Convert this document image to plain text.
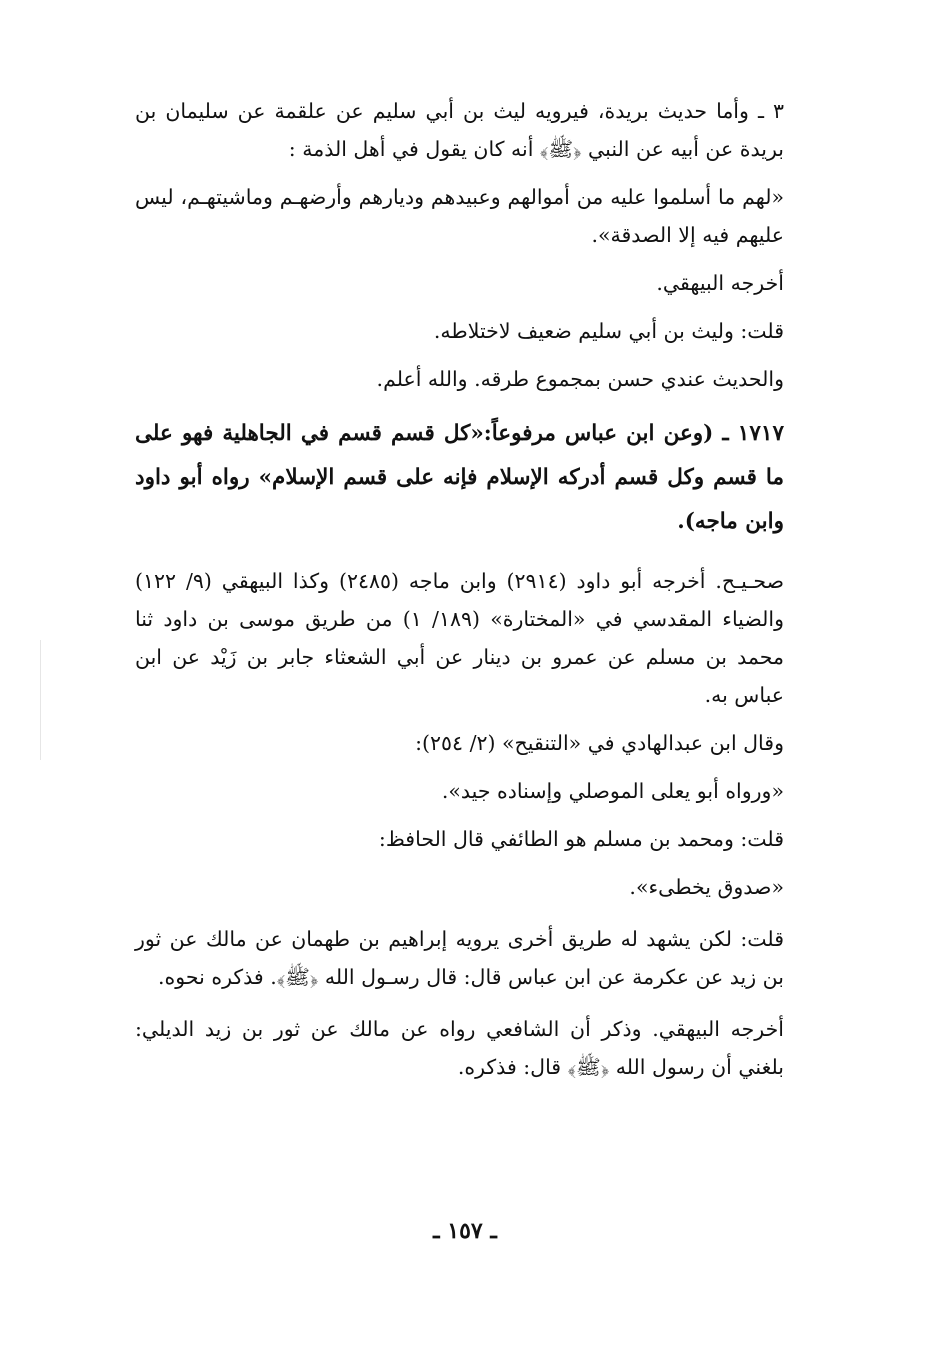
٣ ـ وأما حديث بريدة، فيرويه ليث بن أبي سليم عن علقمة عن سليمان بن بريدة عن أبيه عن النبي ﴿ﷺ﴾ أنه كان يقول في أهل الذمة :

«لهم ما أسلموا عليه من أموالهم وعبيدهم وديارهم وأرضهـم وماشيتهـم، ليس عليهم فيه إلا الصدقة».

أخرجه البيهقي.

قلت: وليث بن أبي سليم ضعيف لاختلاطه.

والحديث عندي حسن بمجموع طرقه. والله أعلم.

١٧١٧ ـ (وعن ابن عباس مرفوعاً:«كل قسم قسم في الجاهلية فهو على ما قسم وكل قسم أدركه الإسلام فإنه على قسم الإسلام» رواه أبو داود وابن ماجه).

صحـيـح. أخرجه أبو داود (٢٩١٤) وابن ماجه (٢٤٨٥) وكذا البيهقي (٩/ ١٢٢) والضياء المقدسي في «المختارة» (١٨٩/ ١) من طريق موسى بن داود ثنا محمد بن مسلم عن عمرو بن دينار عن أبي الشعثاء جابر بن زَيْد عن ابن عباس به.

وقال ابن عبدالهادي في «التنقيح» (٢/ ٢٥٤):

«ورواه أبو يعلى الموصلي وإسناده جيد».

قلت: ومحمد بن مسلم هو الطائفي قال الحافظ:

«صدوق يخطىء».

قلت: لكن يشهد له طريق أخرى يرويه إبراهيم بن طهمان عن مالك عن ثور بن زيد عن عكرمة عن ابن عباس قال: قال رسـول الله ﴿ﷺ﴾. فذكره نحوه.

أخرجه البيهقي. وذكر أن الشافعي رواه عن مالك عن ثور بن زيد الديلي: بلغني أن رسول الله ﴿ﷺ﴾ قال: فذكره.

ـ ١٥٧ ـ
